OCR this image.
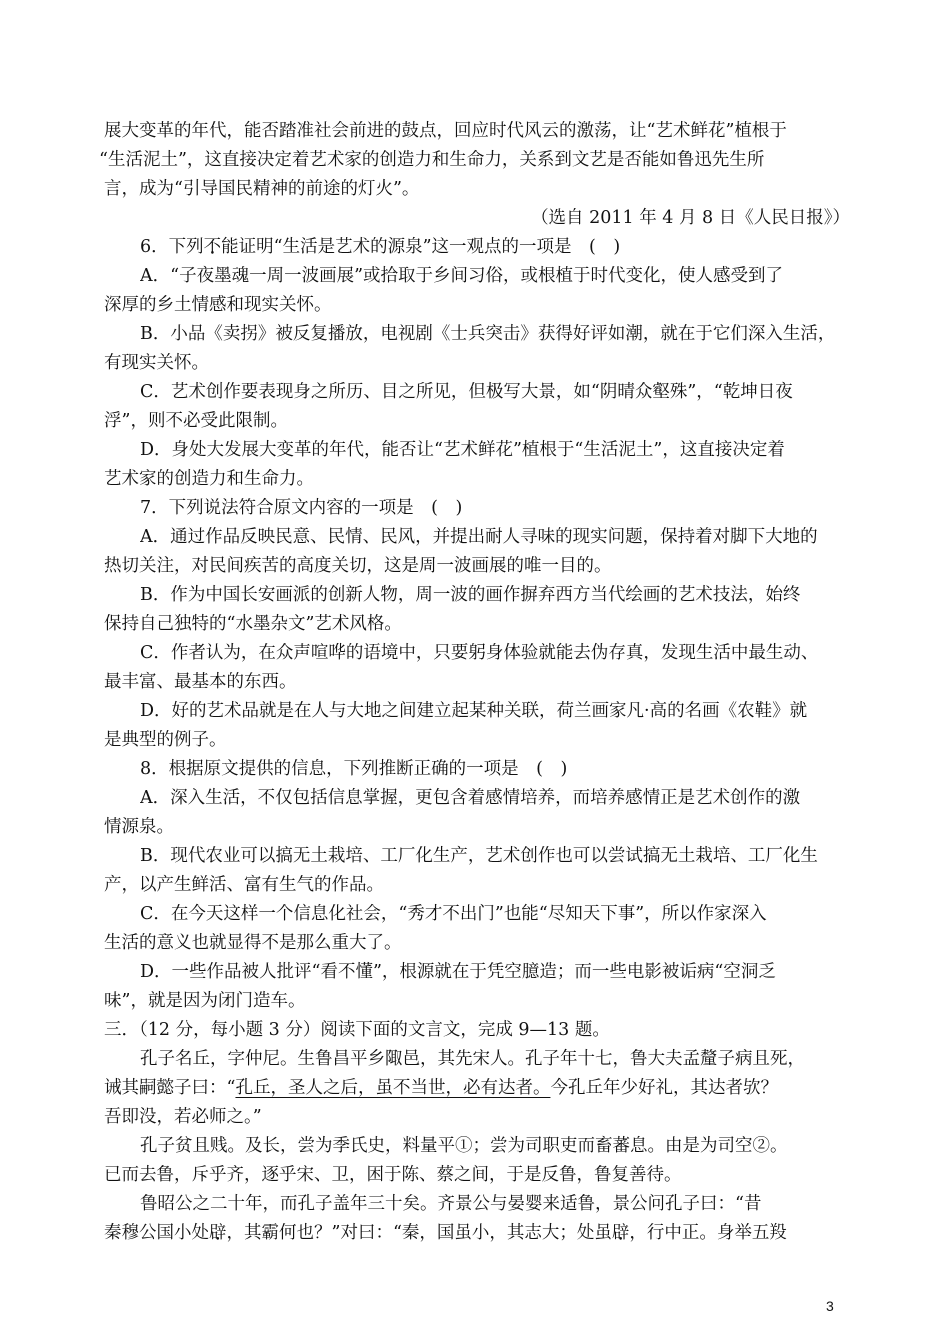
展大变革的年代，能否踏准社会前进的鼓点，回应时代风云的激荡，让“艺术鲜花”植根于
“生活泥土”，这直接决定着艺术家的创造力和生命力，关系到文艺是否能如鲁迅先生所
言，成为“引导国民精神的前途的灯火”。
（选自 2011 年 4 月 8 日《人民日报》）
6．下列不能证明“生活是艺术的源泉”这一观点的一项是　(　)
A．“子夜墨魂一周一波画展”或拾取于乡间习俗，或根植于时代变化，使人感受到了
深厚的乡土情感和现实关怀。
B．小品《卖拐》被反复播放，电视剧《士兵突击》获得好评如潮，就在于它们深入生活，
有现实关怀。
C．艺术创作要表现身之所历、目之所见，但极写大景，如“阴晴众壑殊”，“乾坤日夜
浮”，则不必受此限制。
D．身处大发展大变革的年代，能否让“艺术鲜花”植根于“生活泥土”，这直接决定着
艺术家的创造力和生命力。
7．下列说法符合原文内容的一项是　(　)
A．通过作品反映民意、民情、民风，并提出耐人寻味的现实问题，保持着对脚下大地的
热切关注，对民间疾苦的高度关切，这是周一波画展的唯一目的。
B．作为中国长安画派的创新人物，周一波的画作摒弃西方当代绘画的艺术技法，始终
保持自己独特的“水墨杂文”艺术风格。
C．作者认为，在众声喧哗的语境中，只要躬身体验就能去伪存真，发现生活中最生动、
最丰富、最基本的东西。
D．好的艺术品就是在人与大地之间建立起某种关联，荷兰画家凡·高的名画《农鞋》就
是典型的例子。
8．根据原文提供的信息，下列推断正确的一项是　(　)
A．深入生活，不仅包括信息掌握，更包含着感情培养，而培养感情正是艺术创作的激
情源泉。
B．现代农业可以搞无土栽培、工厂化生产，艺术创作也可以尝试搞无土栽培、工厂化生
产，以产生鲜活、富有生气的作品。
C．在今天这样一个信息化社会，“秀才不出门”也能“尽知天下事”，所以作家深入
生活的意义也就显得不是那么重大了。
D．一些作品被人批评“看不懂”，根源就在于凭空臆造；而一些电影被诟病“空洞乏
味”，就是因为闭门造车。
三．（12 分，每小题 3 分）阅读下面的文言文，完成 9—13 题。
孔子名丘，字仲尼。生鲁昌平乡陬邑，其先宋人。孔子年十七，鲁大夫孟釐子病且死，
诫其嗣懿子曰：“孔丘，圣人之后，虽不当世，必有达者。今孔丘年少好礼，其达者欤？
吾即没，若必师之。”
孔子贫且贱。及长，尝为季氏史，料量平①；尝为司职吏而畜蕃息。由是为司空②。
已而去鲁，斥乎齐，逐乎宋、卫，困于陈、蔡之间，于是反鲁，鲁复善待。
鲁昭公之二十年，而孔子盖年三十矣。齐景公与晏婴来适鲁，景公问孔子曰：“昔
秦穆公国小处辟，其霸何也？”对曰：“秦，国虽小，其志大；处虽辟，行中正。身举五羖
3
